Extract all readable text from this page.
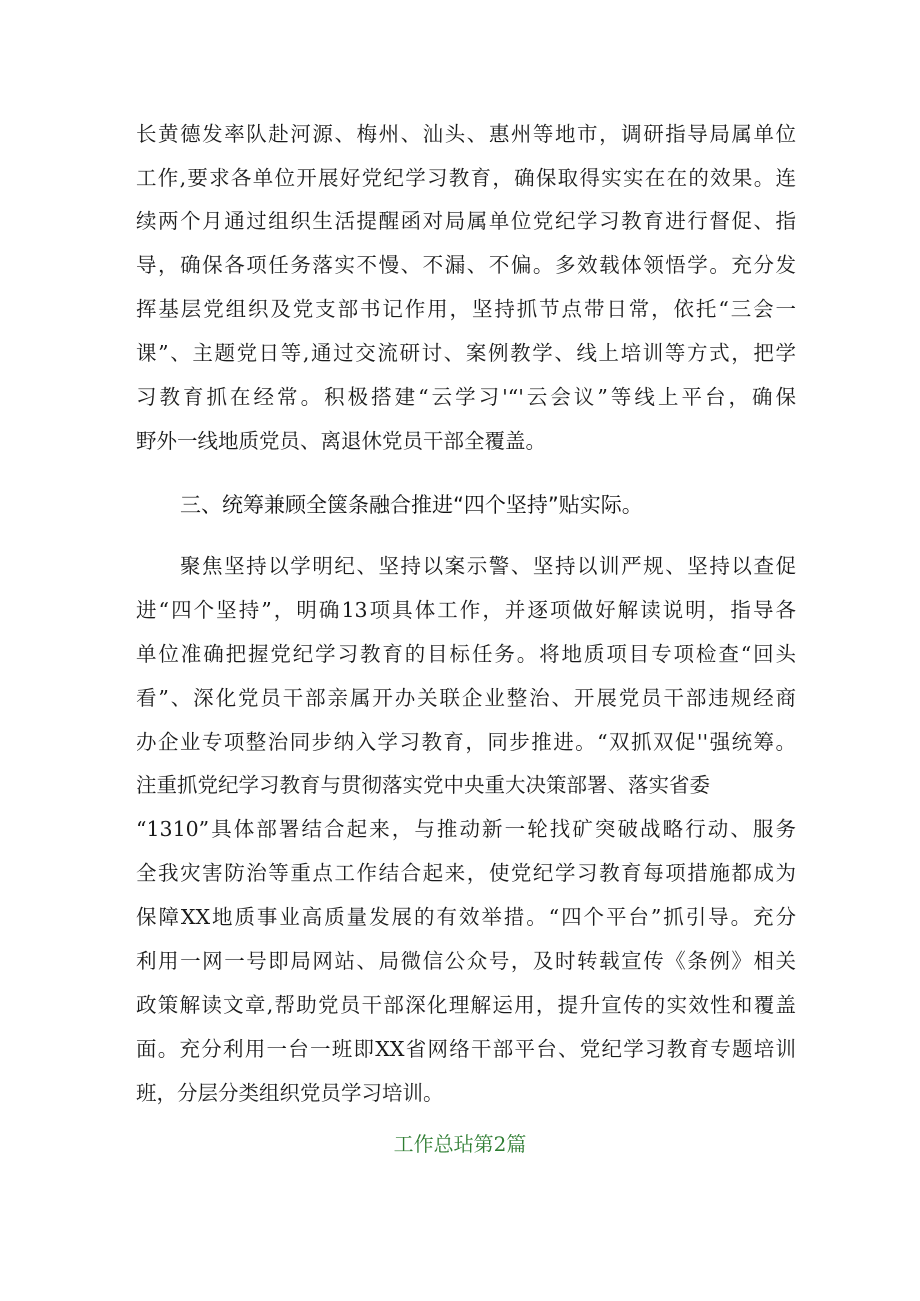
长黄德发率队赴河源、梅州、汕头、惠州等地市，调研指导局属单位
工作,要求各单位开展好党纪学习教育，确保取得实实在在的效果。连
续两个月通过组织生活提醒函对局属单位党纪学习教育进行督促、指
导，确保各项任务落实不慢、不漏、不偏。多效载体领悟学。充分发
挥基层党组织及党支部书记作用，坚持抓节点带日常，依托“三会一
课”、主题党日等,通过交流研讨、案例教学、线上培训等方式，把学
习教育抓在经常。积极搭建“云学习'“'云会议”等线上平台，确保
野外一线地质党员、离退休党员干部全覆盖。
三、统筹兼顾全箧条融合推进“四个坚持”贴实际。
聚焦坚持以学明纪、坚持以案示警、坚持以训严规、坚持以查促
进“四个坚持”，明确13项具体工作，并逐项做好解读说明，指导各
单位准确把握党纪学习教育的目标任务。将地质项目专项检查“回头
看”、深化党员干部亲属开办关联企业整治、开展党员干部违规经商
办企业专项整治同步纳入学习教育，同步推进。“双抓双促''强统筹。
注重抓党纪学习教育与贯彻落实党中央重大决策部署、落实省委
“1310”具体部署结合起来，与推动新一轮找矿突破战略行动、服务
全我灾害防治等重点工作结合起来，使党纪学习教育每项措施都成为
保障XX地质事业高质量发展的有效举措。“四个平台”抓引导。充分
利用一网一号即局网站、局微信公众号，及时转载宣传《条例》相关
政策解读文章,帮助党员干部深化理解运用，提升宣传的实效性和覆盖
面。充分利用一台一班即XX省网络干部平台、党纪学习教育专题培训
班，分层分类组织党员学习培训。
工作总玷第2篇
